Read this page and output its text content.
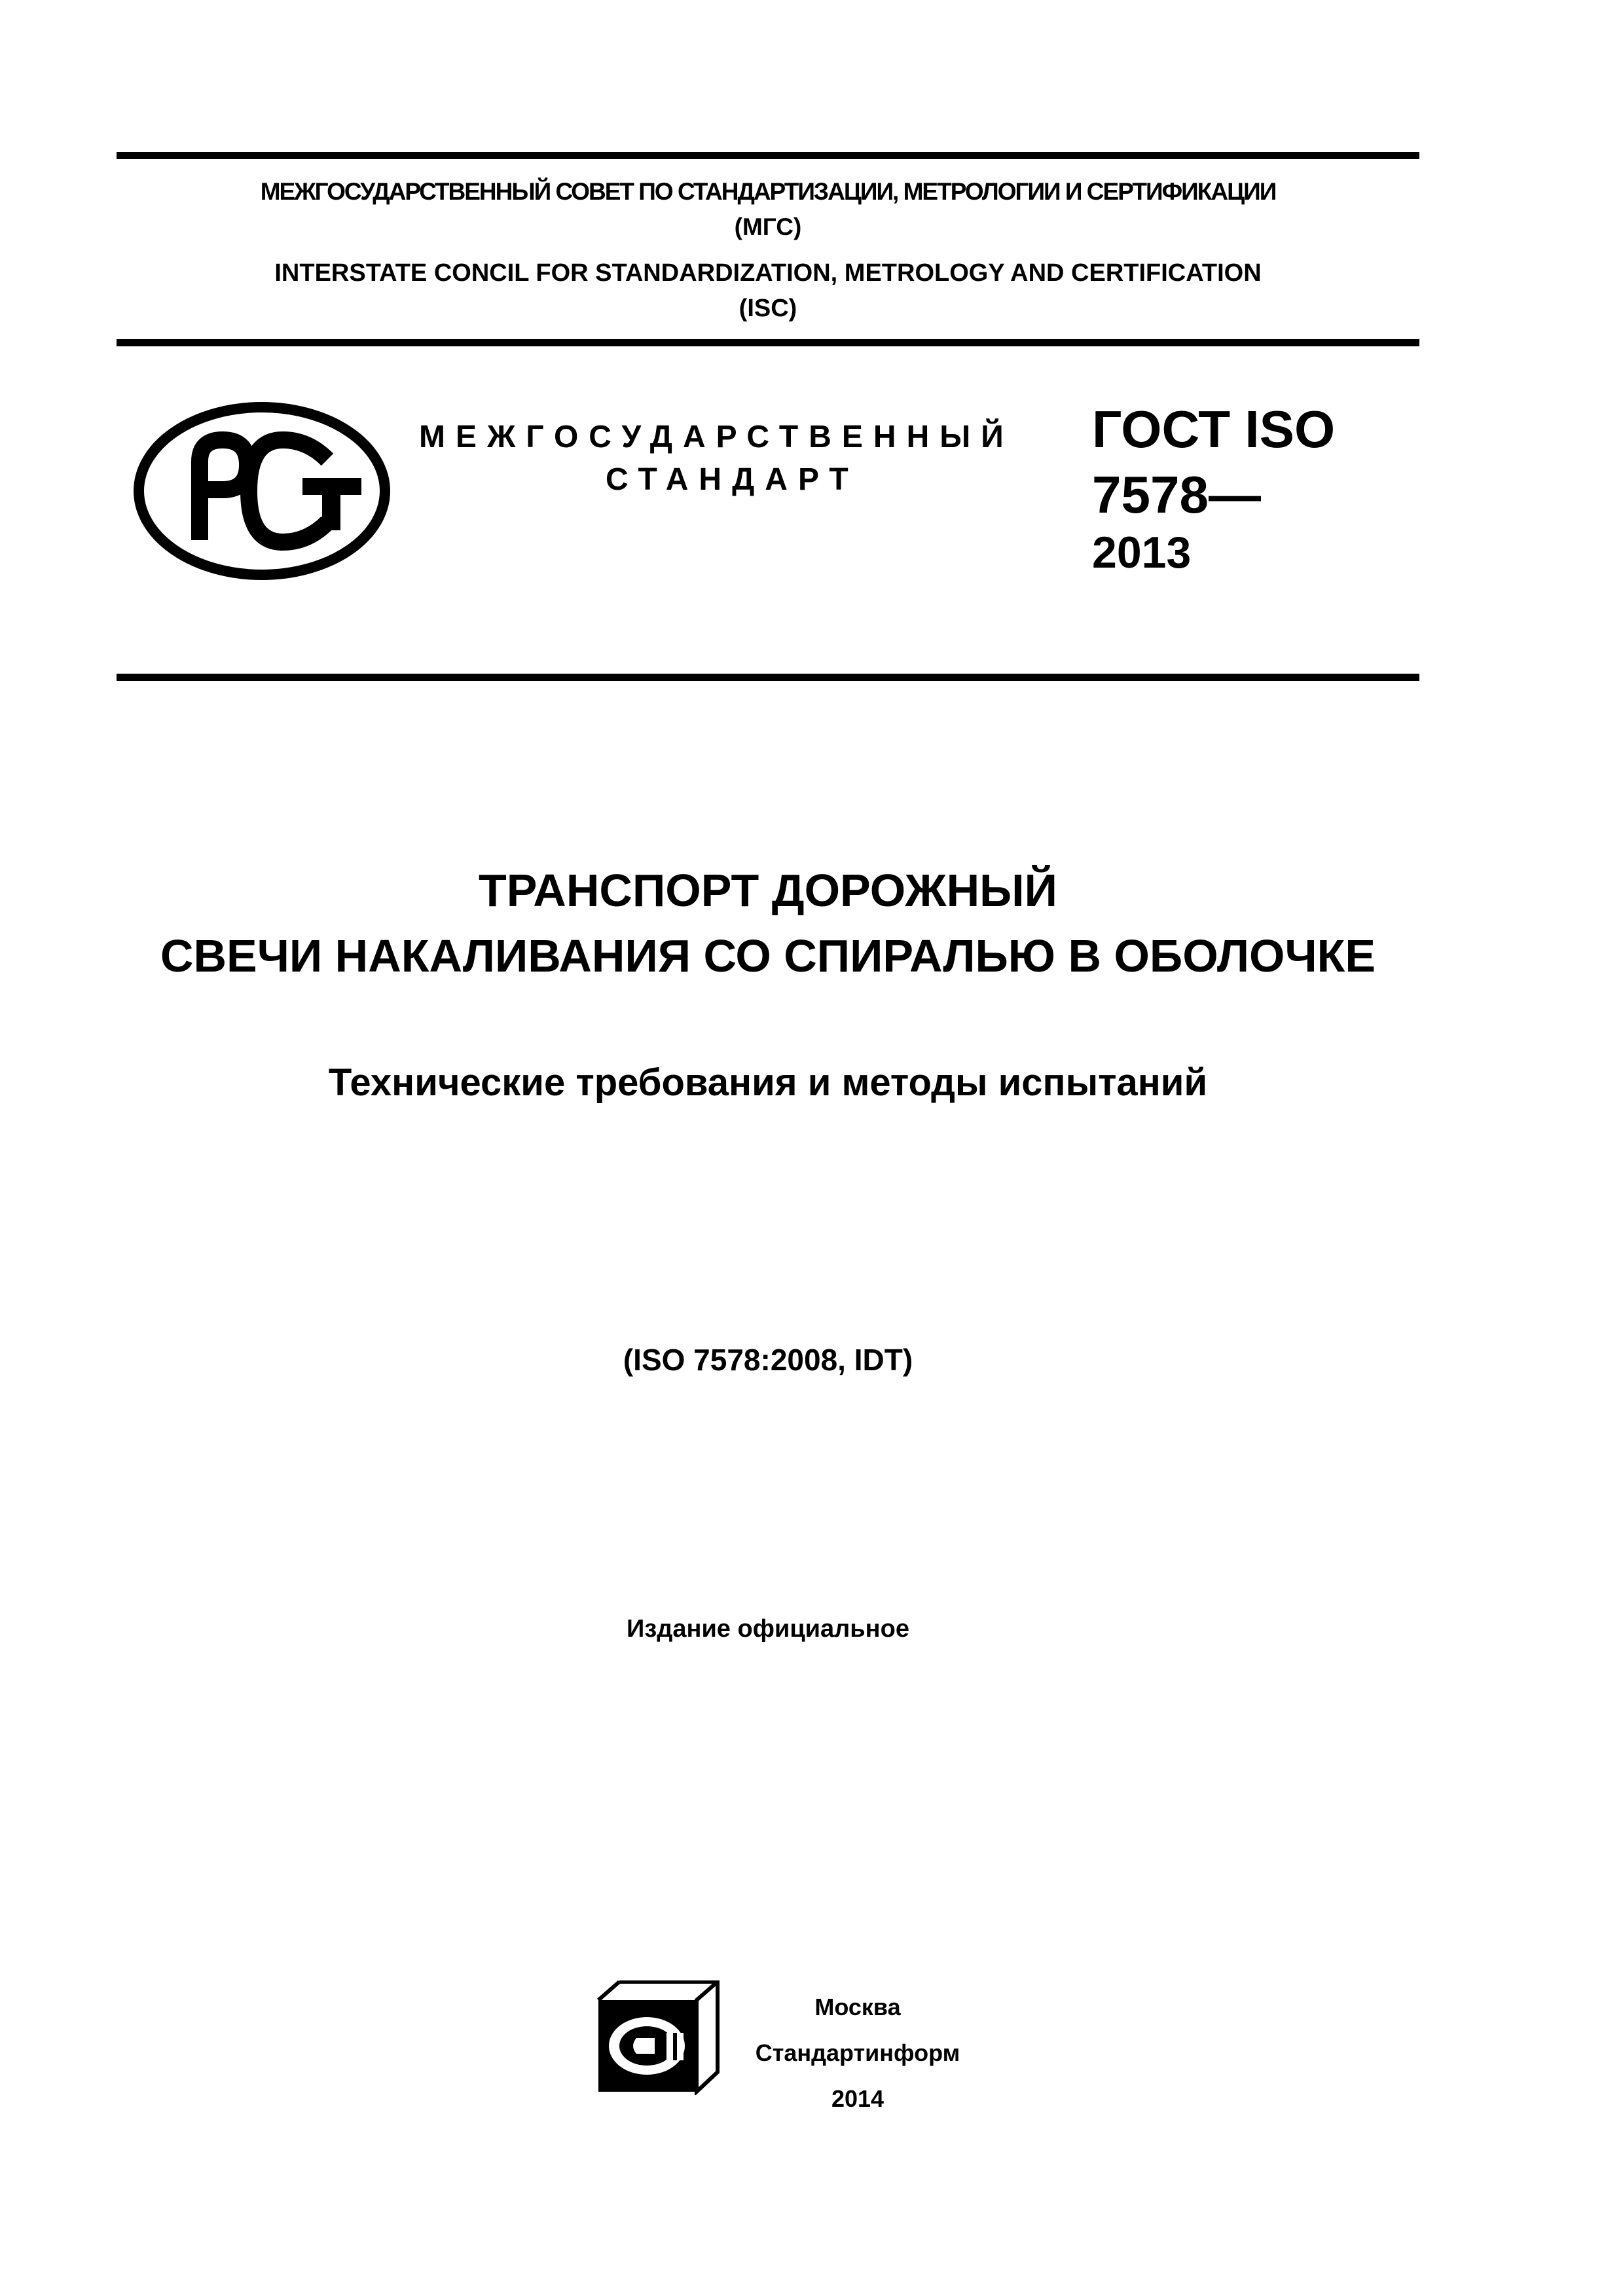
МЕЖГОСУДАРСТВЕННЫЙ СОВЕТ ПО СТАНДАРТИЗАЦИИ, МЕТРОЛОГИИ И СЕРТИФИКАЦИИ
(МГС)
INTERSTATE CONCIL FOR STANDARDIZATION, METROLOGY AND CERTIFICATION
(ISC)
МЕЖГОСУДАРСТВЕННЫЙ
СТАНДАРТ
ГОСТ ISO
7578—
2013
ТРАНСПОРТ ДОРОЖНЫЙ
СВЕЧИ НАКАЛИВАНИЯ СО СПИРАЛЬЮ В ОБОЛОЧКЕ
Технические требования и методы испытаний
(ISO 7578:2008, IDT)
Издание официальное
Москва
Стандартинформ
2014
